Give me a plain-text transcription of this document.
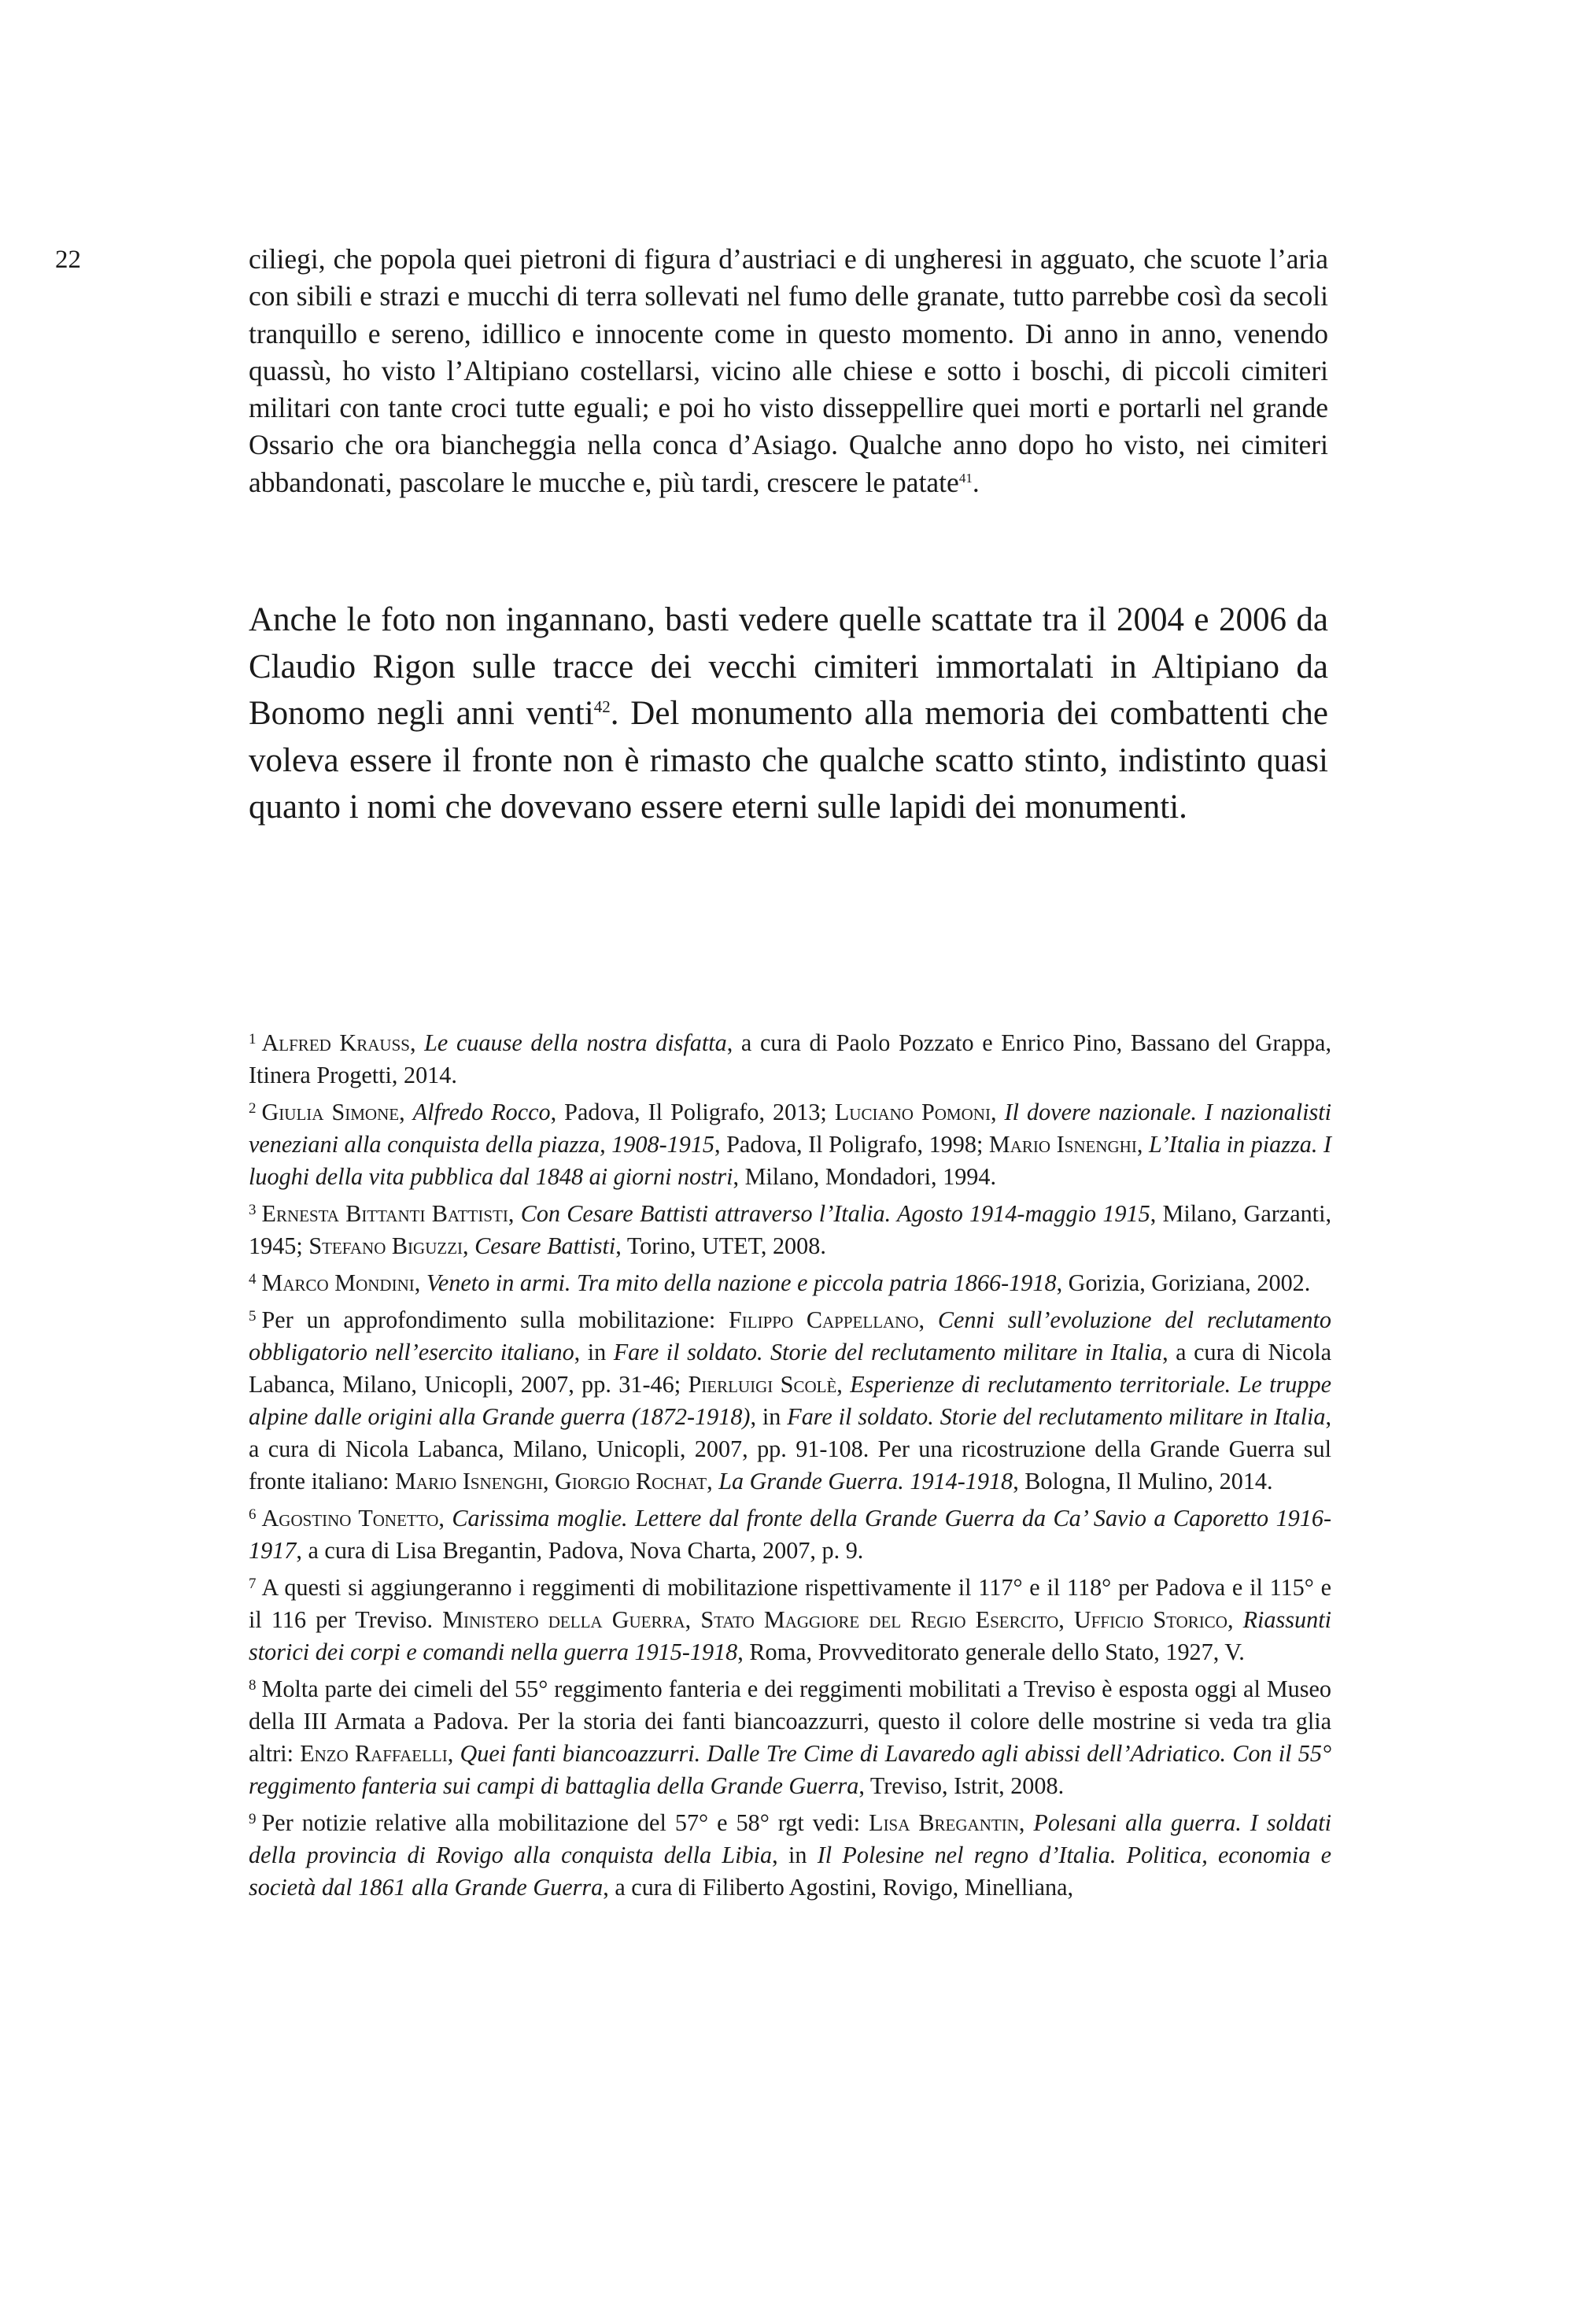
22	ciliegi, che popola quei pietroni di figura d’austriaci e di ungheresi in agguato, che scuote l’aria con sibili e strazi e mucchi di terra sollevati nel fumo delle granate, tutto parrebbe così da secoli tranquillo e sereno, idillico e innocente come in questo momento. Di anno in anno, venendo quassù, ho visto l’Altipiano costellarsi, vicino alle chiese e sotto i boschi, di piccoli cimiteri militari con tante croci tutte eguali; e poi ho visto disseppellire quei morti e portarli nel grande Ossario che ora biancheggia nella conca d’Asiago. Qualche anno dopo ho visto, nei cimiteri abbandonati, pascolare le mucche e, più tardi, crescere le patate$^{41}$.

Anche le foto non ingannano, basti vedere quelle scattate tra il 2004 e 2006 da Claudio Rigon sulle tracce dei vecchi cimiteri immortalati in Altipiano da Bonomo negli anni venti$^{42}$. Del monumento alla memoria dei combattenti che voleva essere il fronte non è rimasto che qualche scatto stinto, indistinto quasi quanto i nomi che dovevano essere eterni sulle lapidi dei monumenti.

$^1$ Alfred Krauss, Le cuause della nostra disfatta, a cura di Paolo Pozzato e Enrico Pino, Bassano del Grappa, Itinera Progetti, 2014.

$^2$ Giulia Simone, Alfredo Rocco, Padova, Il Poligrafo, 2013; Luciano Pomoni, Il dovere nazionale. I nazionalisti veneziani alla conquista della piazza, 1908-1915, Padova, Il Poligrafo, 1998; Mario Isnenghi, L’Italia in piazza. I luoghi della vita pubblica dal 1848 ai giorni nostri, Milano, Mondadori, 1994.

$^3$ Ernesta Bittanti Battisti, Con Cesare Battisti attraverso l’Italia. Agosto 1914-maggio 1915, Milano, Garzanti, 1945; Stefano Biguzzi, Cesare Battisti, Torino, UTET, 2008.

$^4$ Marco Mondini, Veneto in armi. Tra mito della nazione e piccola patria 1866-1918, Gorizia, Goriziana, 2002.

$^5$ Per un approfondimento sulla mobilitazione: Filippo Cappellano, Cenni sull’evoluzione del reclutamento obbligatorio nell’esercito italiano, in Fare il soldato. Storie del reclutamento militare in Italia, a cura di Nicola Labanca, Milano, Unicopli, 2007, pp. 31-46; Pierluigi Scolè, Esperienze di reclutamento territoriale. Le truppe alpine dalle origini alla Grande guerra (1872-1918), in Fare il soldato. Storie del reclutamento militare in Italia, a cura di Nicola Labanca, Milano, Unicopli, 2007, pp. 91-108. Per una ricostruzione della Grande Guerra sul fronte italiano: Mario Isnenghi, Giorgio Rochat, La Grande Guerra. 1914-1918, Bologna, Il Mulino, 2014.

$^6$ Agostino Tonetto, Carissima moglie. Lettere dal fronte della Grande Guerra da Ca’ Savio a Caporetto 1916-1917, a cura di Lisa Bregantin, Padova, Nova Charta, 2007, p. 9.

$^7$ A questi si aggiungeranno i reggimenti di mobilitazione rispettivamente il 117° e il 118° per Padova e il 115° e il 116 per Treviso. Ministero della Guerra, Stato Maggiore del Regio Esercito, Ufficio Storico, Riassunti storici dei corpi e comandi nella guerra 1915-1918, Roma, Provveditorato generale dello Stato, 1927, V.

$^8$ Molta parte dei cimeli del 55° reggimento fanteria e dei reggimenti mobilitati a Treviso è esposta oggi al Museo della III Armata a Padova. Per la storia dei fanti biancoazzurri, questo il colore delle mostrine si veda tra glia altri: Enzo Raffaelli, Quei fanti biancoazzurri. Dalle Tre Cime di Lavaredo agli abissi dell’Adriatico. Con il 55° reggimento fanteria sui campi di battaglia della Grande Guerra, Treviso, Istrit, 2008.

$^9$ Per notizie relative alla mobilitazione del 57° e 58° rgt vedi: Lisa Bregantin, Polesani alla guerra. I soldati della provincia di Rovigo alla conquista della Libia, in Il Polesine nel regno d’Italia. Politica, economia e società dal 1861 alla Grande Guerra, a cura di Filiberto Agostini, Rovigo, Minelliana,
